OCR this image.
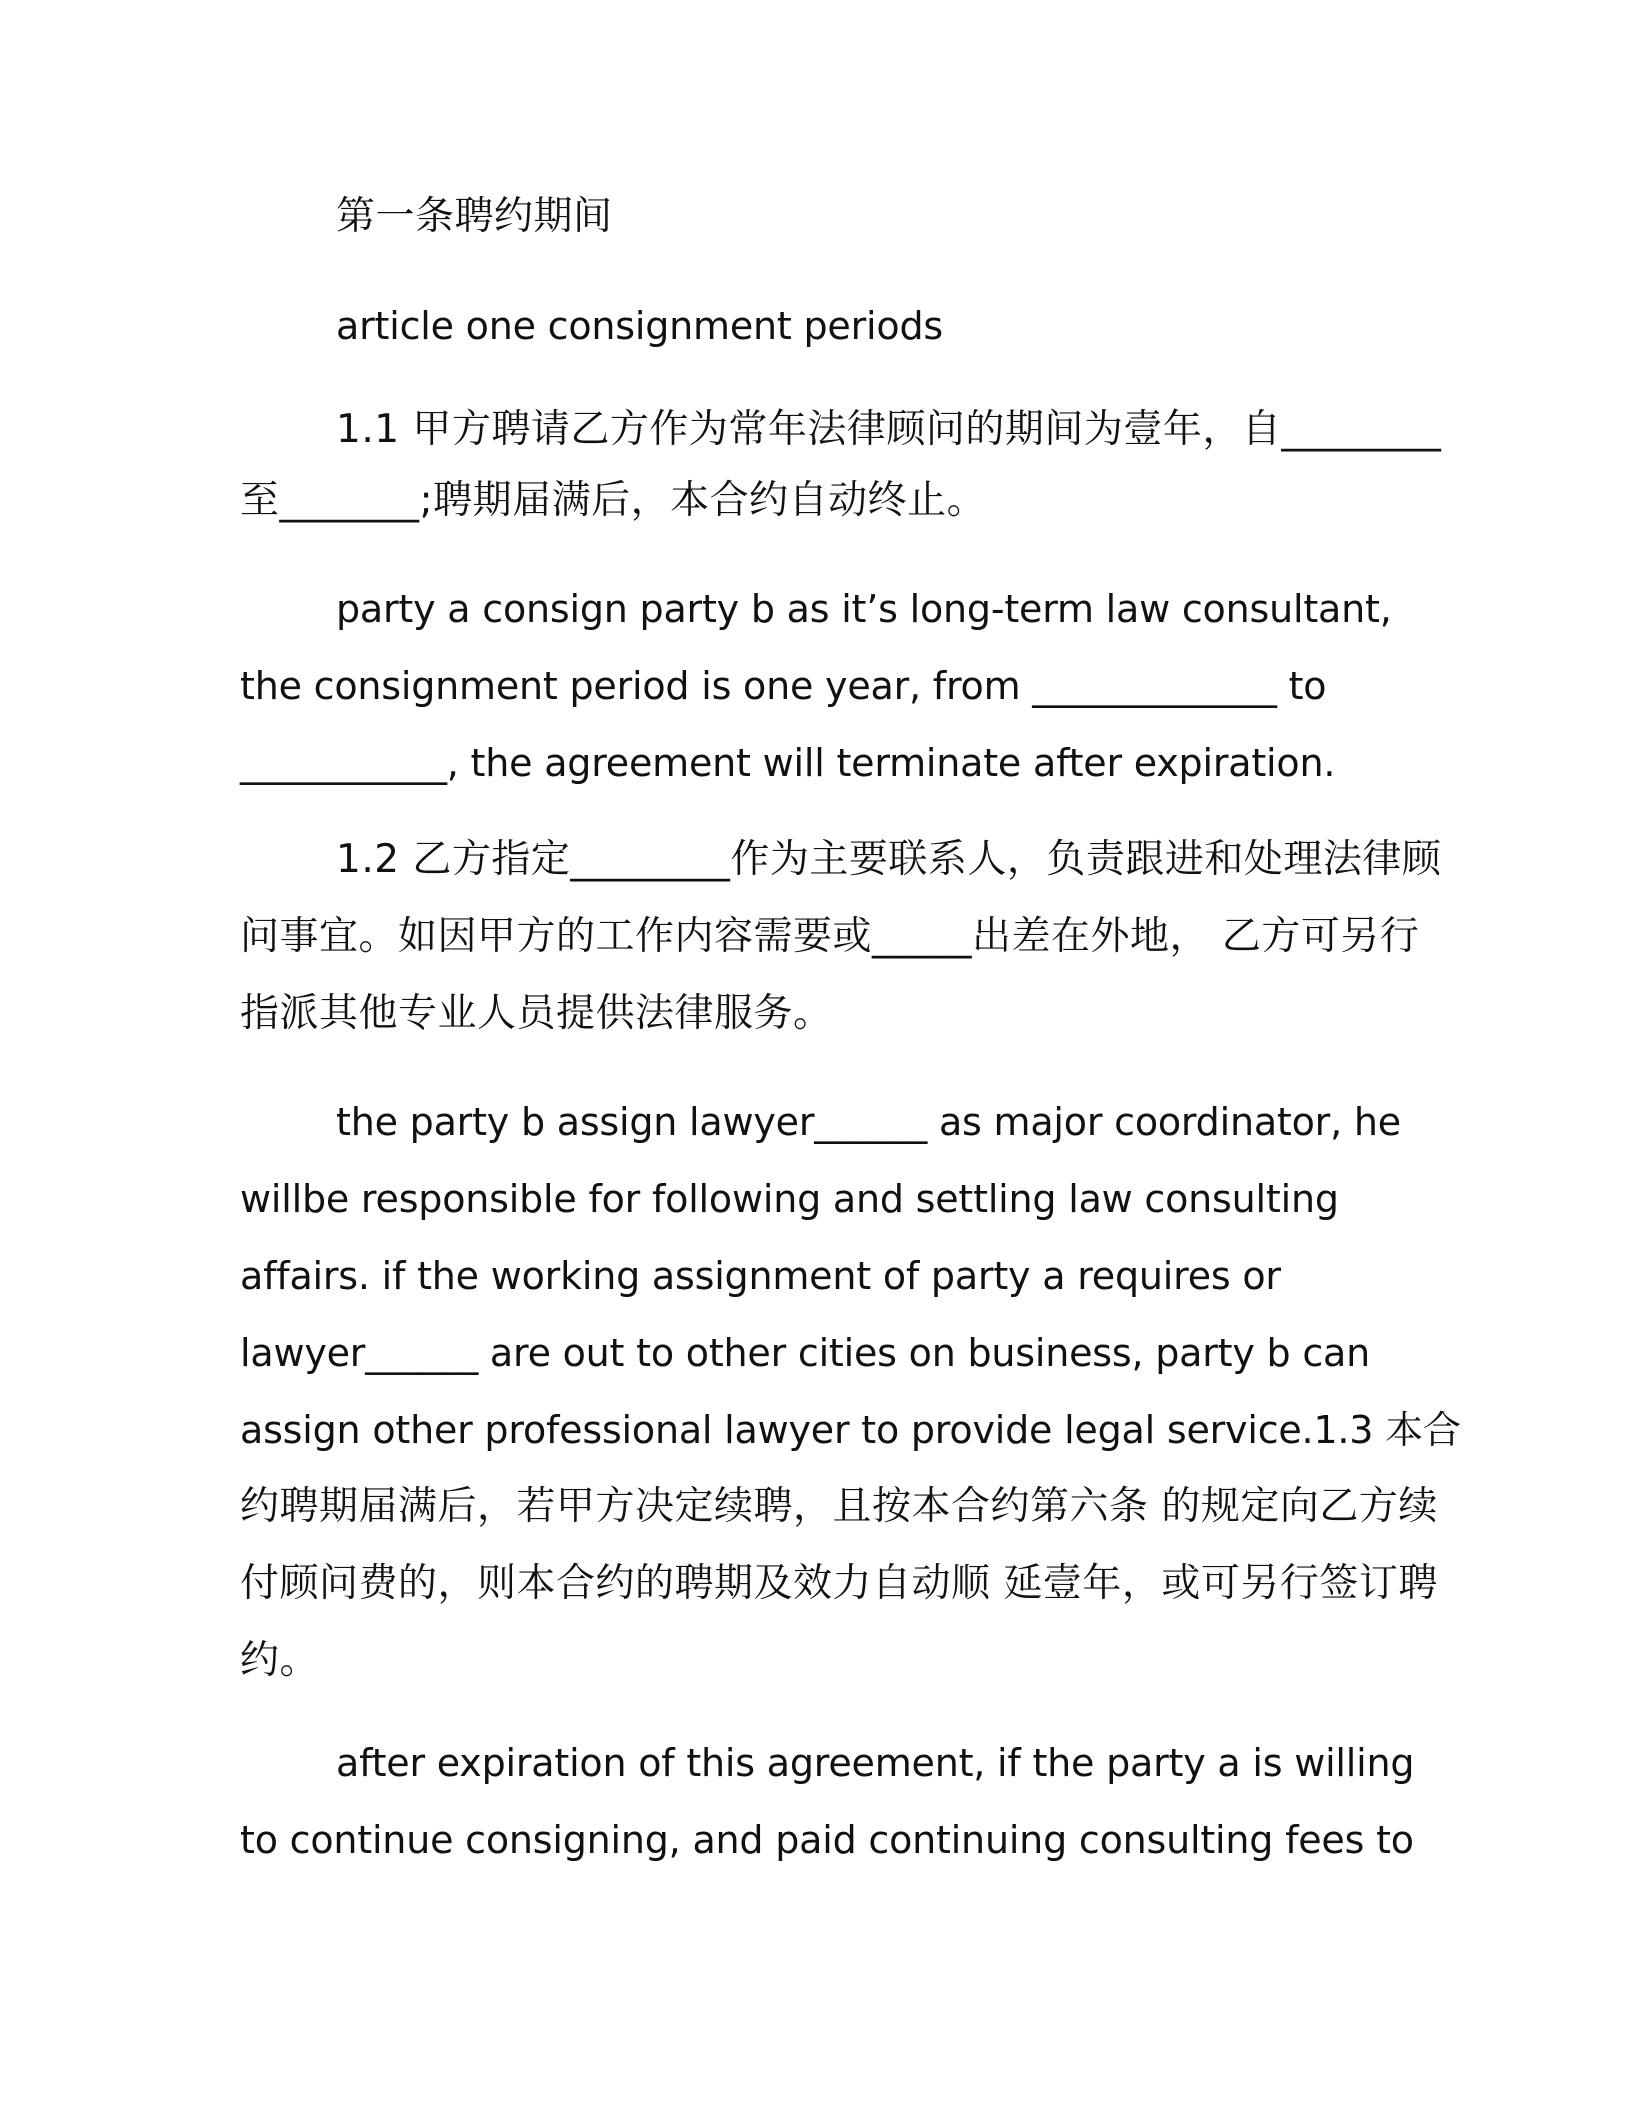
第一条聘约期间
article one consignment periods
1.1 甲方聘请乙方作为常年法律顾问的期间为壹年，自________
至_______;聘期届满后，本合约自动终止。
party a consign party b as it’s long-term law consultant,
the consignment period is one year, from _____________ to
___________, the agreement will terminate after expiration.
1.2 乙方指定________作为主要联系人，负责跟进和处理法律顾
问事宜。如因甲方的工作内容需要或_____出差在外地， 乙方可另行
指派其他专业人员提供法律服务。
the party b assign lawyer______ as major coordinator, he
willbe responsible for following and settling law consulting
affairs. if the working assignment of party a requires or
lawyer______ are out to other cities on business, party b can
assign other professional lawyer to provide legal service.1.3 本合
约聘期届满后，若甲方决定续聘，且按本合约第六条 的规定向乙方续
付顾问费的，则本合约的聘期及效力自动顺 延壹年，或可另行签订聘
约。
after expiration of this agreement, if the party a is willing
to continue consigning, and paid continuing consulting fees to
